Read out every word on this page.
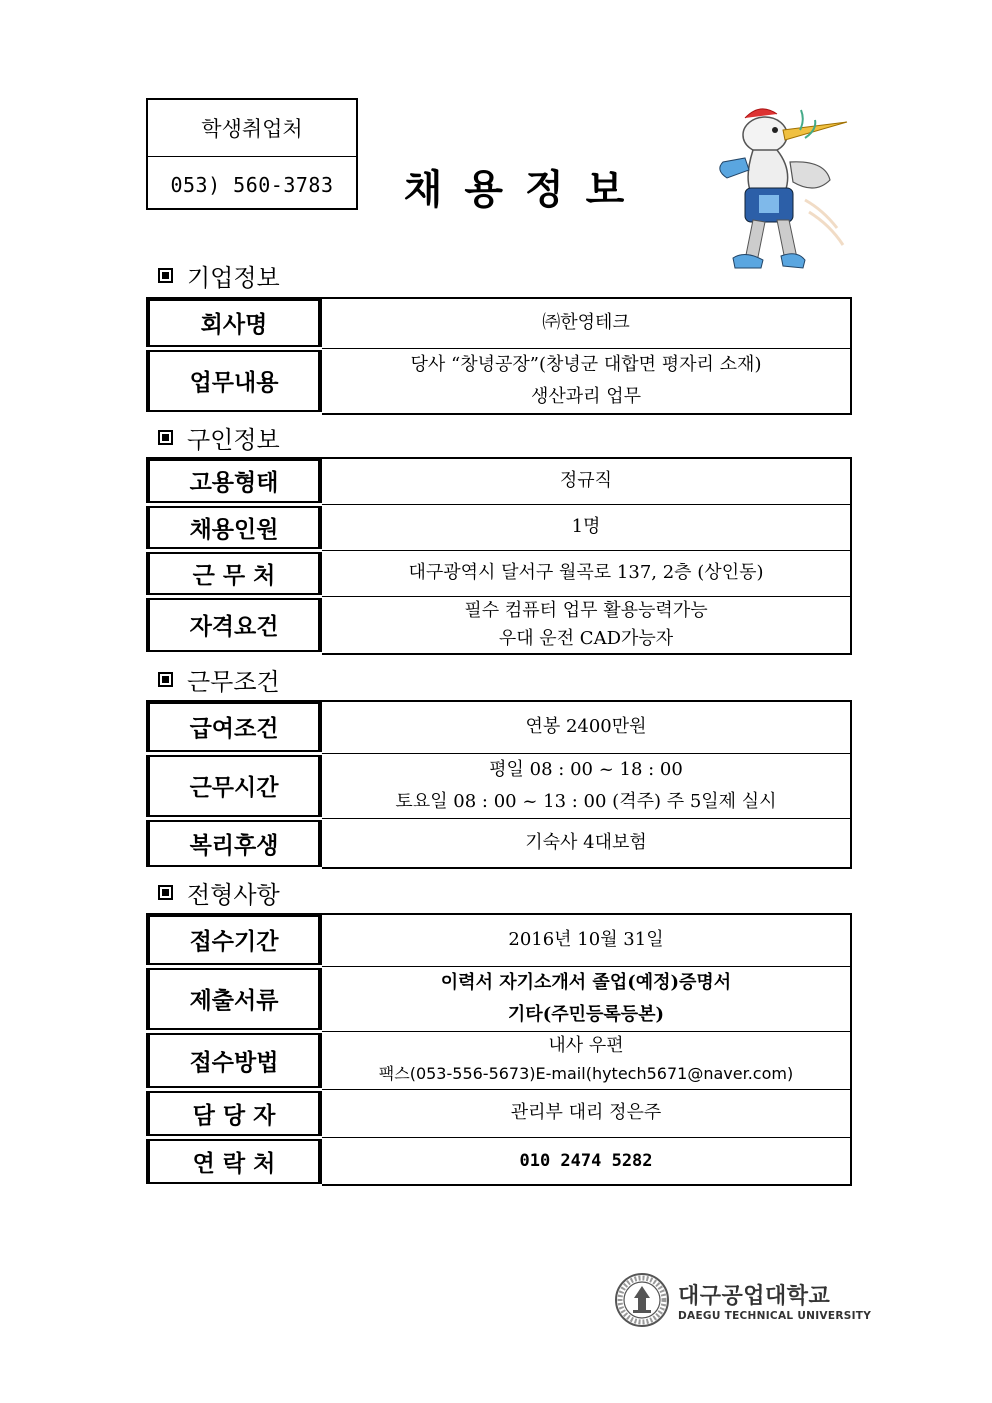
학생취업처
053) 560-3783	채용정보
기업정보
회사명	㈜한영테크
업무내용	당사 “창녕공장”(창녕군 대합면 평자리 소재)
생산과리 업무
구인정보
고용형태	정규직
채용인원	1명
근 무 처	대구광역시 달서구 월곡로 137, 2층 (상인동)
자격요건	필수 컴퓨터 업무 활용능력가능
우대 운전 CAD가능자
근무조건
급여조건	연봉 2400만원
근무시간	평일 08 : 00 ~ 18 : 00
토요일 08 : 00 ~ 13 : 00 (격주) 주 5일제 실시

복리후생	기숙사 4대보험
전형사항
접수기간	2016년 10월 31일
제출서류	이력서 자기소개서 졸업(예정)증명서
기타(주민등록등본)

접수방법	내사 우편
팩스(053-556-5673)E-mail(hytech5671@naver.com)

담 당 자	관리부 대리 정은주
연 락 처	010 2474 5282
대구공업대학교
DAEGU TECHNICAL UNIVERSITY
